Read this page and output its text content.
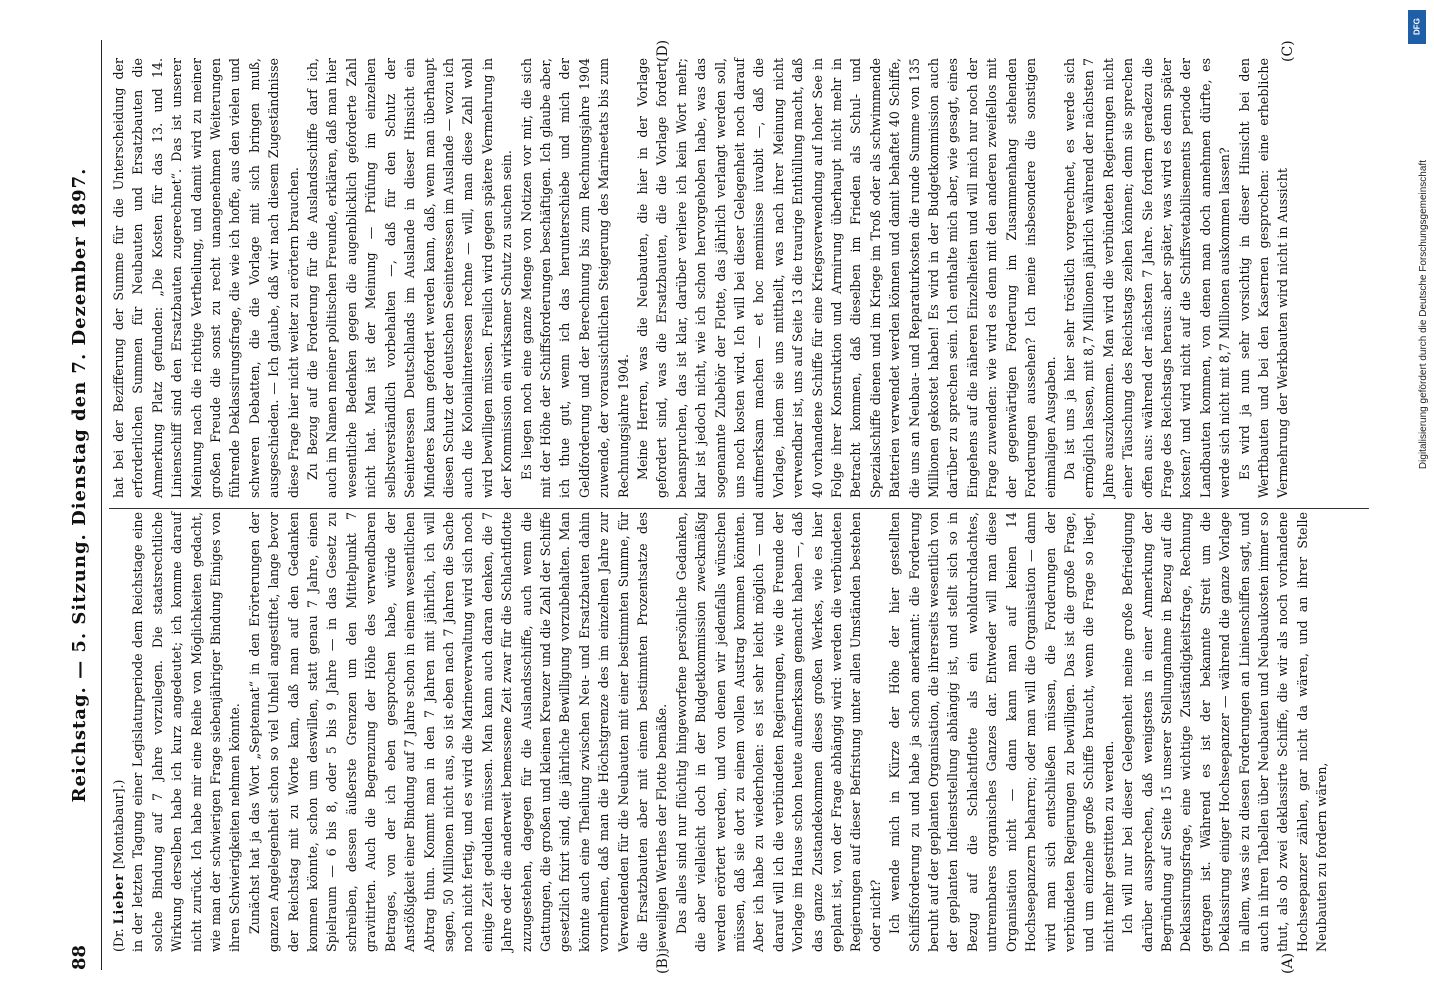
88
Reichstag. — 5. Sitzung. Dienstag den 7. Dezember 1897.

(Dr. Lieber [Montabaur].) in der letzten Tagung einer Legislaturperiode dem Reichstage eine solche Bindung auf 7 Jahre vorzulegen. Die staatsrechtliche Wirkung derselben habe ich kurz angedeutet; ich komme darauf nicht zurück. Ich habe mir eine Reihe von Möglichkeiten gedacht, wie man der schwierigen Frage siebenjähriger Bindung Einiges von ihren Schwierigkeiten nehmen könnte. Zunächst hat ja das Wort „Septennat“ in den Erörterungen der ganzen Angelegenheit schon so viel Unheil angestiftet, lange bevor der Reichstag mit zu Worte kam, daß man auf den Gedanken kommen könnte, schon um deswillen, statt genau 7 Jahre, einen Spielraum — 6 bis 8, oder 5 bis 9 Jahre — in das Gesetz zu schreiben, dessen äußerste Grenzen um den Mittelpunkt 7 gravitirten. Auch die Begrenzung der Höhe des verwendbaren Betrages, von der ich eben gesprochen habe, würde der Anstößigkeit einer Bindung auf 7 Jahre schon in einem wesentlichen Abtrag thun. Kommt man in den 7 Jahren mit jährlich, ich will sagen, 50 Millionen nicht aus, so ist eben nach 7 Jahren die Sache noch nicht fertig, und es wird die Marineverwaltung wird sich noch einige Zeit gedulden müssen. Man kann auch daran denken, die 7 Jahre oder die anderweit bemessene Zeit zwar für die Schlachtflotte zuzugestehen, dagegen für die Auslandsschiffe, auch wenn die Gattungen, die großen und kleinen Kreuzer und die Zahl der Schiffe gesetzlich fixirt sind, die jährliche Bewilligung vorzubehalten. Man könnte auch eine Theilung zwischen Neu- und Ersatzbauten dahin vornehmen, daß man die Höchstgrenze des im einzelnen Jahre zur Verwendenden für die Neubauten mit einer bestimmten Summe, für die Ersatzbauten aber mit einem bestimmten Prozentsatze des jeweiligen Werthes der Flotte bemäße. Das alles sind nur flüchtig hingeworfene persönliche Gedanken, die aber vielleicht doch in der Budgetkommission zweckmäßig werden erörtert werden, und von denen wir jedenfalls wünschen müssen, daß sie dort zu einem vollen Austrag kommen könnten. Aber ich habe zu wiederholen: es ist sehr leicht möglich — und darauf will ich die verbündeten Regierungen, wie die Freunde der Vorlage im Hause schon heute aufmerksam gemacht haben —, daß das ganze Zustandekommen dieses großen Werkes, wie es hier geplant ist, von der Frage abhängig wird: werden die verbündeten Regierungen auf dieser Befristung unter allen Umständen bestehen oder nicht? Ich wende mich in Kürze der Höhe der hier gestellten Schiffsforderung zu und habe ja schon anerkannt: die Forderung beruht auf der geplanten Organisation, die ihrerseits wesentlich von der geplanten Indienststellung abhängig ist, und stellt sich so in Bezug auf die Schlachtflotte als ein wohldurchdachtes, untrennbares organisches Ganzes dar. Entweder will man diese Organisation nicht — dann kann man auf keinen 14 Hochseepanzern beharren; oder man will die Organisation — dann wird man sich entschließen müssen, die Forderungen der verbündeten Regierungen zu bewilligen. Das ist die große Frage, und um einzelne große Schiffe braucht, wenn die Frage so liegt, nicht mehr gestritten zu werden. Ich will nur bei dieser Gelegenheit meine große Befriedigung darüber aussprechen, daß wenigstens in einer Anmerkung der Begründung auf Seite 15 unserer Stellungnahme in Bezug auf die Deklassirungsfrage, eine wichtige Zuständigkeitsfrage, Rechnung getragen ist. Während es ist der bekannte Streit um die Deklassirung einiger Hochseepanzer — während die ganze Vorlage in allem, was sie zu diesen Forderungen an Linienschiffen sagt, und auch in ihren Tabellen über Neubauten und Neubaukosten immer so thut, als ob zwei deklassirte Schiffe, die wir als noch vorhandene Hochseepanzer zählen, gar nicht da wären, und an ihrer Stelle Neubauten zu fordern wären,

hat bei der Bezifferung der Summe für die Unterscheidung der erforderlichen Summen für Neubauten und Ersatzbauten die Anmerkung Platz gefunden: „Die Kosten für das 13. und 14. Linienschiff sind den Ersatzbauten zugerechnet“. Das ist unserer Meinung nach die richtige Vertheilung, und damit wird zu meiner großen Freude die sonst zu recht unangenehmen Weiterungen führende Deklassirungsfrage, die wie ich hoffe, aus den vielen und schweren Debatten, die die Vorlage mit sich bringen muß, ausgeschieden. — Ich glaube, daß wir nach diesem Zugeständnisse diese Frage hier nicht weiter zu erörtern brauchen. Zu Bezug auf die Forderung für die Auslandsschiffe darf ich, auch im Namen meiner politischen Freunde, erklären, daß man hier wesentliche Bedenken gegen die augenblicklich geforderte Zahl nicht hat. Man ist der Meinung — Prüfung im einzelnen selbstverständlich vorbehalten —, daß für den Schutz der Seeinteressen Deutschlands im Auslande in dieser Hinsicht ein Minderes kaum gefordert werden kann, daß, wenn man überhaupt diesen Schutz der deutschen Seeinteressen im Auslande — wozu ich auch die Kolonialinteressen rechne — will, man diese Zahl wohl wird bewilligen müssen. Freilich wird gegen spätere Vermehrung in der Kommission ein wirksamer Schutz zu suchen sein. Es liegen noch eine ganze Menge von Notizen vor mir, die sich mit der Höhe der Schiffsforderungen beschäftigen. Ich glaube aber, ich thue gut, wenn ich das herunterschiebe und mich der Geldforderung und der Berechnung bis zum Rechnungsjahre 1904 zuwende, der voraussichtlichen Steigerung des Marineetats bis zum Rechnungsjahre 1904. Meine Herren, was die Neubauten, die hier in der Vorlage gefordert sind, was die Ersatzbauten, die die Vorlage fordert, beanspruchen, das ist klar, darüber verliere ich kein Wort mehr; klar ist jedoch nicht, wie ich schon hervorgehoben habe, was das sogenannte Zubehör der Flotte, das jährlich verlangt werden soll, uns noch kosten wird. Ich will bei dieser Gelegenheit noch darauf aufmerksam machen — et hoc meminisse iuvabit —, daß die Vorlage, indem sie uns mittheilt, was nach ihrer Meinung nicht verwendbar ist, uns auf Seite 13 die traurige Enthüllung macht, daß 40 vorhandene Schiffe für eine Kriegsverwendung auf hoher See in Folge ihrer Konstruktion und Armirung überhaupt nicht mehr in Betracht kommen, daß dieselben im Frieden als Schul- und Spezialschiffe dienen und im Kriege im Troß oder als schwimmende Batterien verwendet werden können und damit behaftet 40 Schiffe, die uns an Neubau- und Reparaturkosten die runde Summe von 135 Millionen gekostet haben! Es wird in der Budgetkommission auch darüber zu sprechen sein. Ich enthalte mich aber, wie gesagt, eines Eingehens auf die näheren Einzelheiten und will mich nur noch der Frage zuwenden: wie wird es denn mit den anderen zweifellos mit der gegenwärtigen Forderung im Zusammenhang stehenden Forderungen aussehen? Ich meine insbesondere die sonstigen einmaligen Ausgaben. Da ist uns ja hier sehr tröstlich vorgerechnet, es werde sich ermöglich lassen, mit 8,7 Millionen jährlich während der nächsten 7 Jahre auszukommen. Man wird die verbündeten Regierungen nicht einer Täuschung des Reichstags zeihen können; denn sie sprechen offen aus: während der nächsten 7 Jahre. Sie fordern geradezu die Frage des Reichstags heraus: aber später, was wird es denn später kosten? und wird nicht auf die Schiffsvetabilisements periode der Landbauten kommen, von denen man doch annehmen dürfte, es werde sich nicht mit 8,7 Millionen auskommen lassen? Es wird ja nun sehr vorsichtig in dieser Hinsicht bei den Werftbauten und bei den Kasernen gesprochen: eine erhebliche Vermehrung der Werkbauten wird nicht in Aussicht

(A)
(B)
(C)
(D)
DFG
Digitalisierung gefördert durch die Deutsche Forschungsgemeinschaft
